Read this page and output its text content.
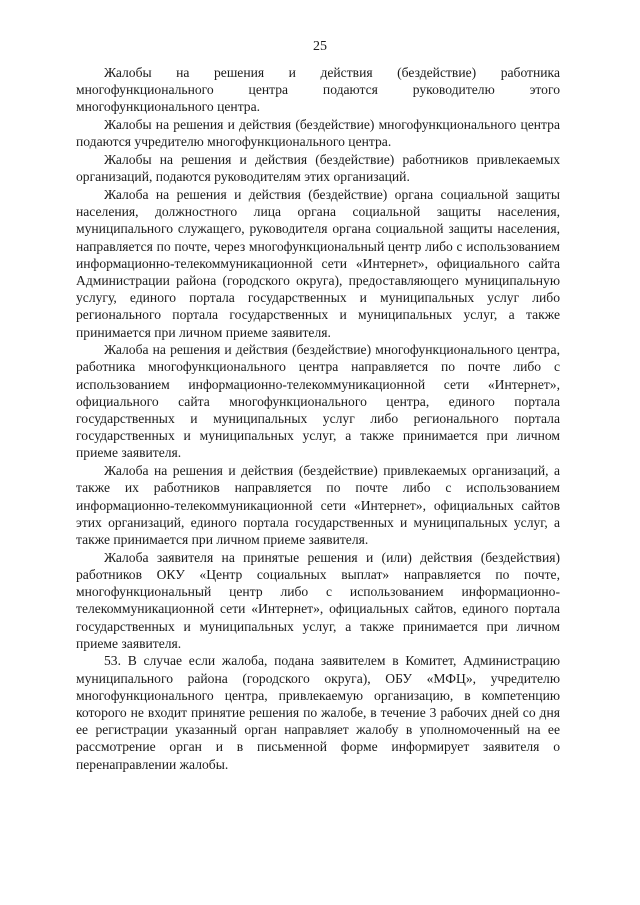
25

Жалобы на решения и действия (бездействие) работника многофункционального центра подаются руководителю этого многофункционального центра.

Жалобы на решения и действия (бездействие) многофункционального центра подаются учредителю многофункционального центра.

Жалобы на решения и действия (бездействие) работников привлекаемых организаций, подаются руководителям этих организаций.

Жалоба на решения и действия (бездействие) органа социальной защиты населения, должностного лица органа социальной защиты населения, муниципального служащего, руководителя органа социальной защиты населения, направляется по почте, через многофункциональный центр либо с использованием информационно-телекоммуникационной сети «Интернет», официального сайта Администрации района (городского округа), предоставляющего муниципальную услугу, единого портала государственных и муниципальных услуг либо регионального портала государственных и муниципальных услуг, а также принимается при личном приеме заявителя.

Жалоба на решения и действия (бездействие) многофункционального центра, работника многофункционального центра направляется по почте либо с использованием информационно-телекоммуникационной сети «Интернет», официального сайта многофункционального центра, единого портала государственных и муниципальных услуг либо регионального портала государственных и муниципальных услуг, а также принимается при личном приеме заявителя.

Жалоба на решения и действия (бездействие) привлекаемых организаций, а также их работников направляется по почте либо с использованием информационно-телекоммуникационной сети «Интернет», официальных сайтов этих организаций, единого портала государственных и муниципальных услуг, а также принимается при личном приеме заявителя.

Жалоба заявителя на принятые решения и (или) действия (бездействия) работников ОКУ «Центр социальных выплат» направляется по почте, многофункциональный центр либо с использованием информационно-телекоммуникационной сети «Интернет», официальных сайтов, единого портала государственных и муниципальных услуг, а также принимается при личном приеме заявителя.

53. В случае если жалоба, подана заявителем в Комитет, Администрацию муниципального района (городского округа), ОБУ «МФЦ», учредителю многофункционального центра, привлекаемую организацию, в компетенцию которого не входит принятие решения по жалобе, в течение 3 рабочих дней со дня ее регистрации указанный орган направляет жалобу в уполномоченный на ее рассмотрение орган и в письменной форме информирует заявителя о перенаправлении жалобы.
